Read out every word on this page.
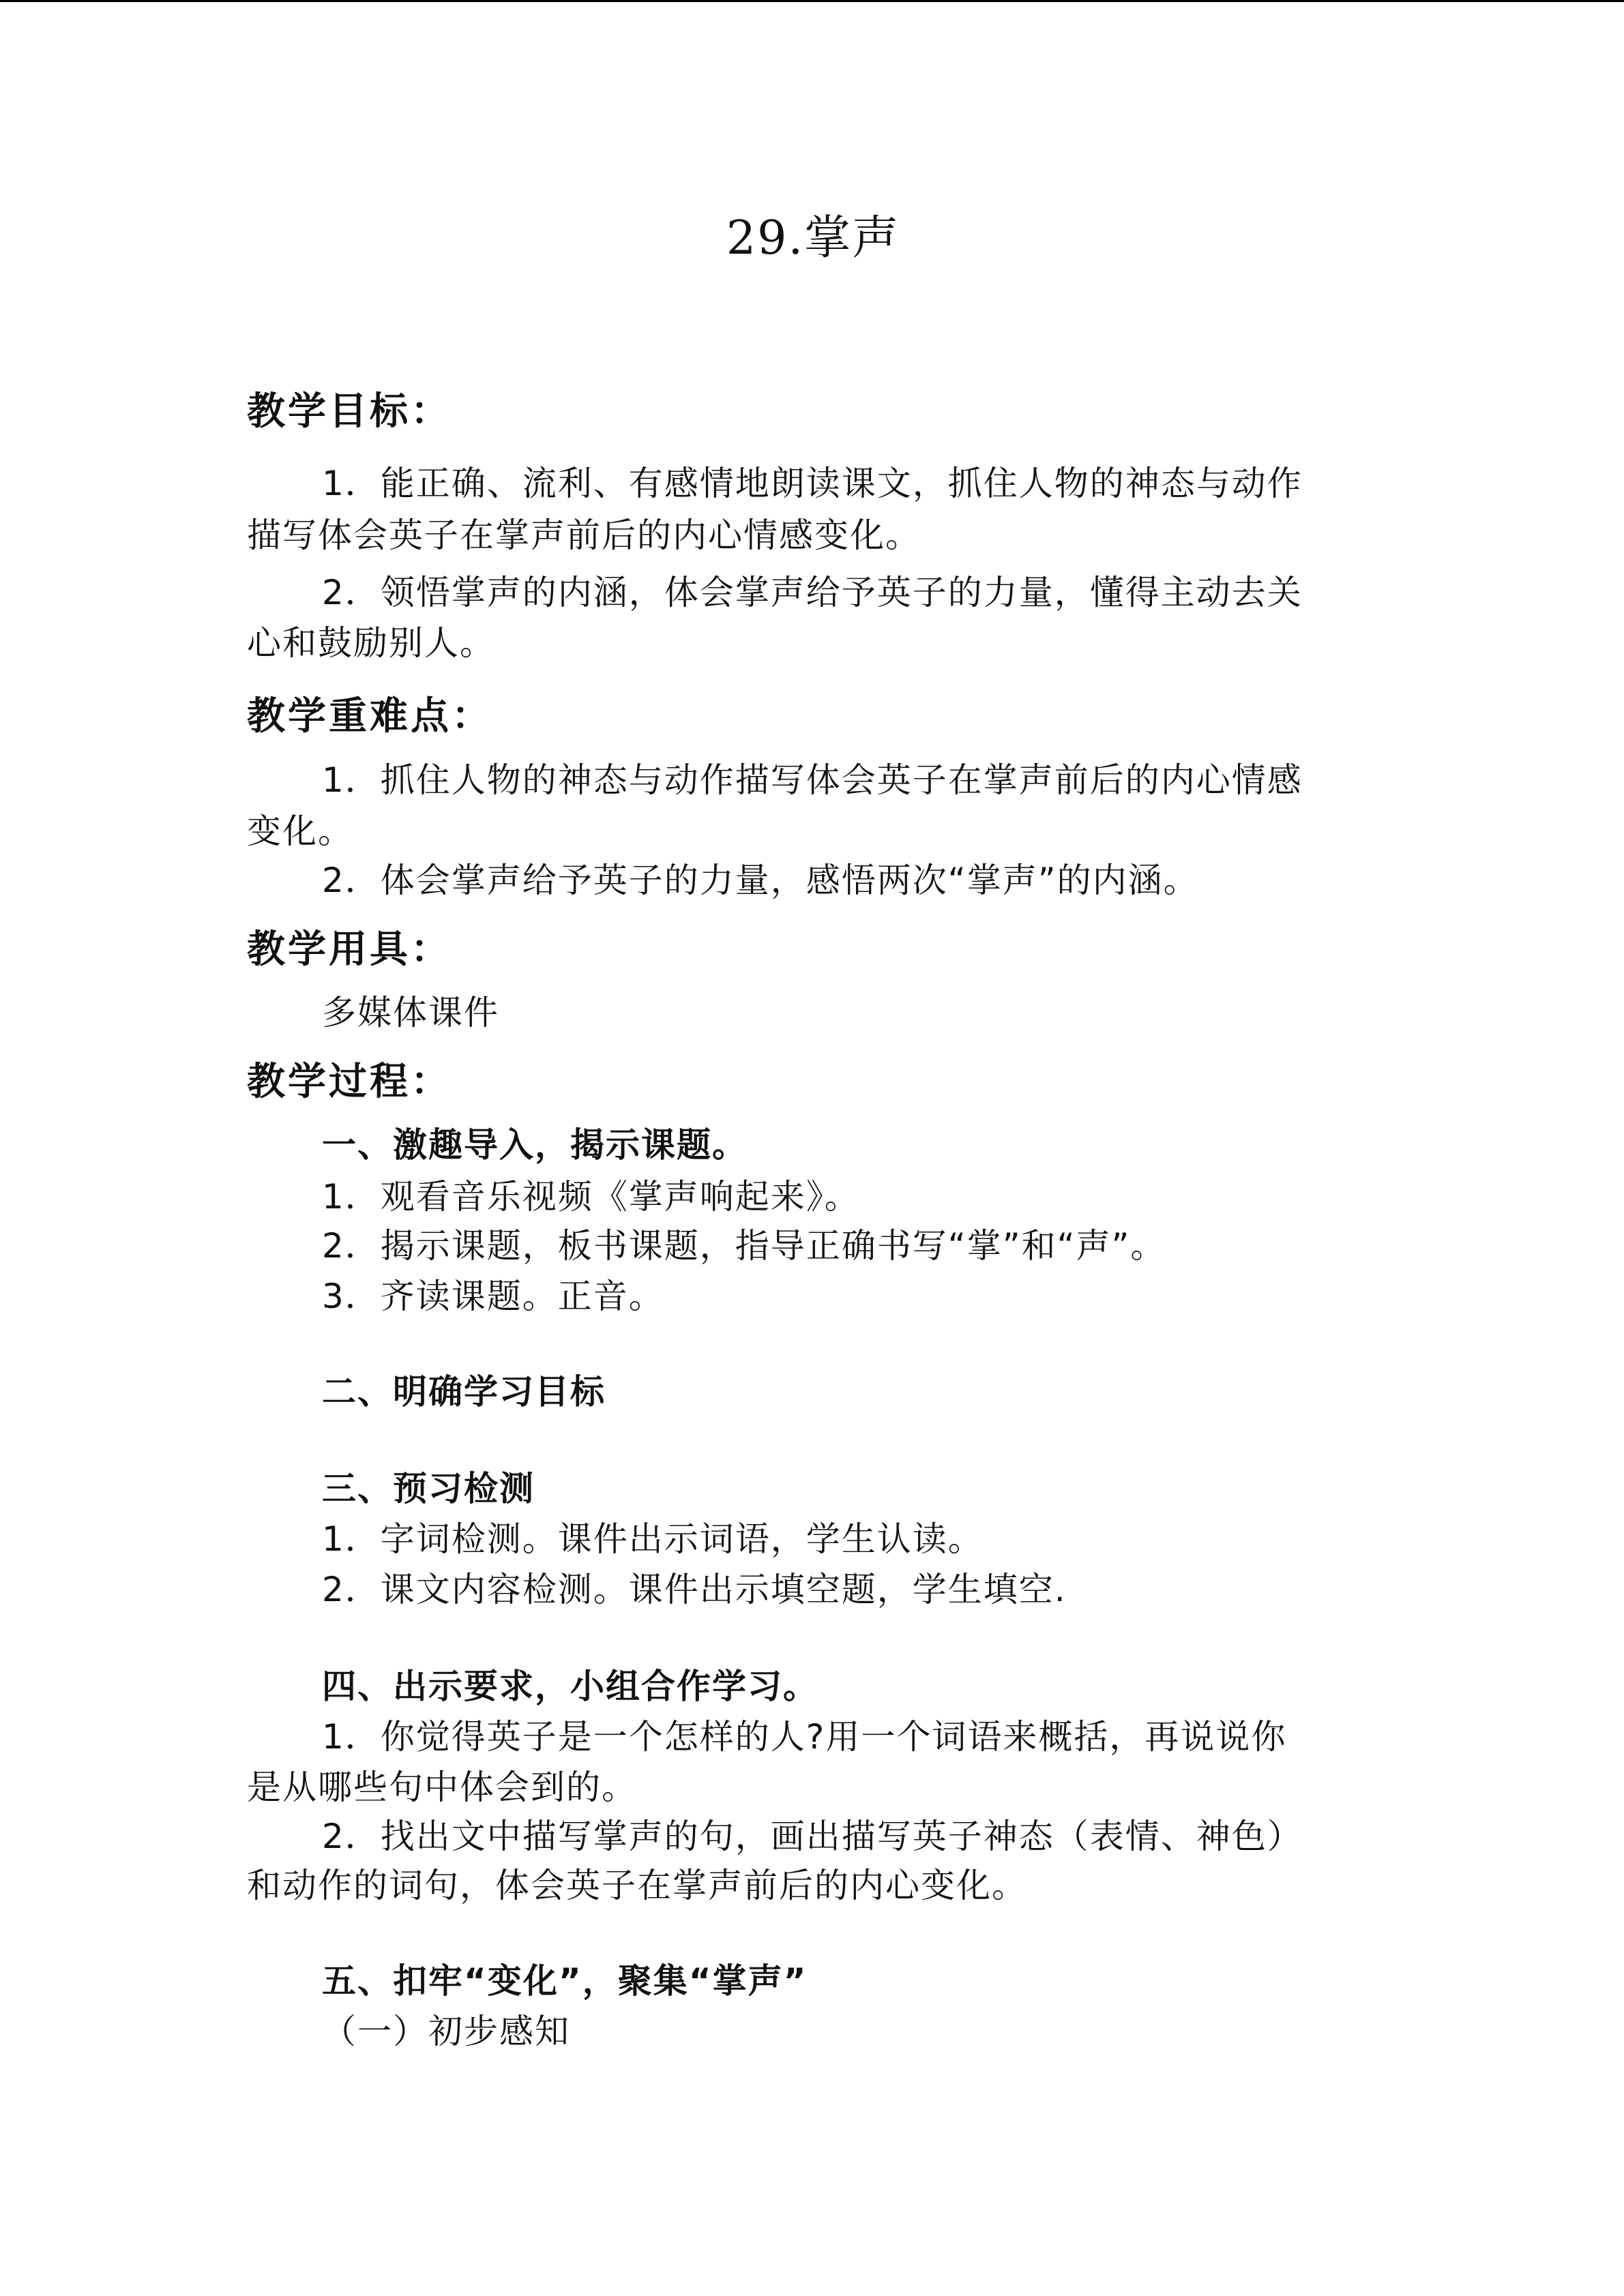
29.掌声
教学目标：
1．能正确、流利、有感情地朗读课文，抓住人物的神态与动作
描写体会英子在掌声前后的内心情感变化。
2．领悟掌声的内涵，体会掌声给予英子的力量，懂得主动去关
心和鼓励别人。
教学重难点：
1．抓住人物的神态与动作描写体会英子在掌声前后的内心情感
变化。
2．体会掌声给予英子的力量，感悟两次“掌声”的内涵。
教学用具：
多媒体课件
教学过程：
一、激趣导入，揭示课题。
1．观看音乐视频《掌声响起来》。
2．揭示课题，板书课题，指导正确书写“掌”和“声”。
3．齐读课题。正音。
二、明确学习目标
三、预习检测
1．字词检测。课件出示词语，学生认读。
2．课文内容检测。课件出示填空题，学生填空.
四、出示要求，小组合作学习。
1．你觉得英子是一个怎样的人?用一个词语来概括，再说说你
是从哪些句中体会到的。
2．找出文中描写掌声的句，画出描写英子神态（表情、神色）
和动作的词句，体会英子在掌声前后的内心变化。
五、扣牢“变化”，聚集“掌声”
（一）初步感知
